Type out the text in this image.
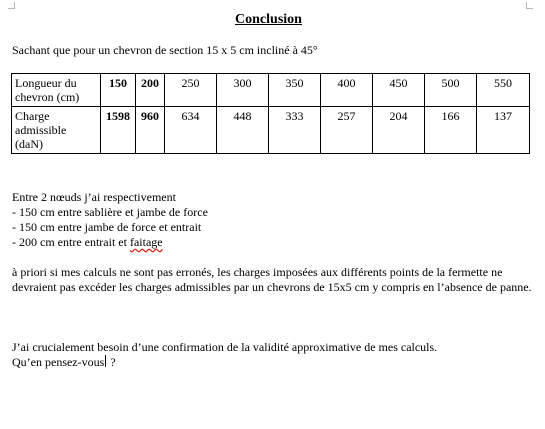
Conclusion
Sachant que pour un chevron de section 15 x 5 cm incliné à 45°
Longueur du chevron (cm)	150	200	250	300	350	400	450	500	550
Charge admissible (daN)	1598	960	634	448	333	257	204	166	137
Entre 2 nœuds j’ai respectivement
- 150 cm entre sablière et jambe de force
- 150 cm entre jambe de force et entrait
- 200 cm entre entrait et faitage
à priori si mes calculs ne sont pas erronés, les charges imposées aux différents points de la fermette ne devraient pas excéder les charges admissibles par un chevrons de 15x5 cm y compris en l’absence de panne.
J’ai crucialement besoin d’une confirmation de la validité approximative de mes calculs.
Qu’en pensez-vous ?
